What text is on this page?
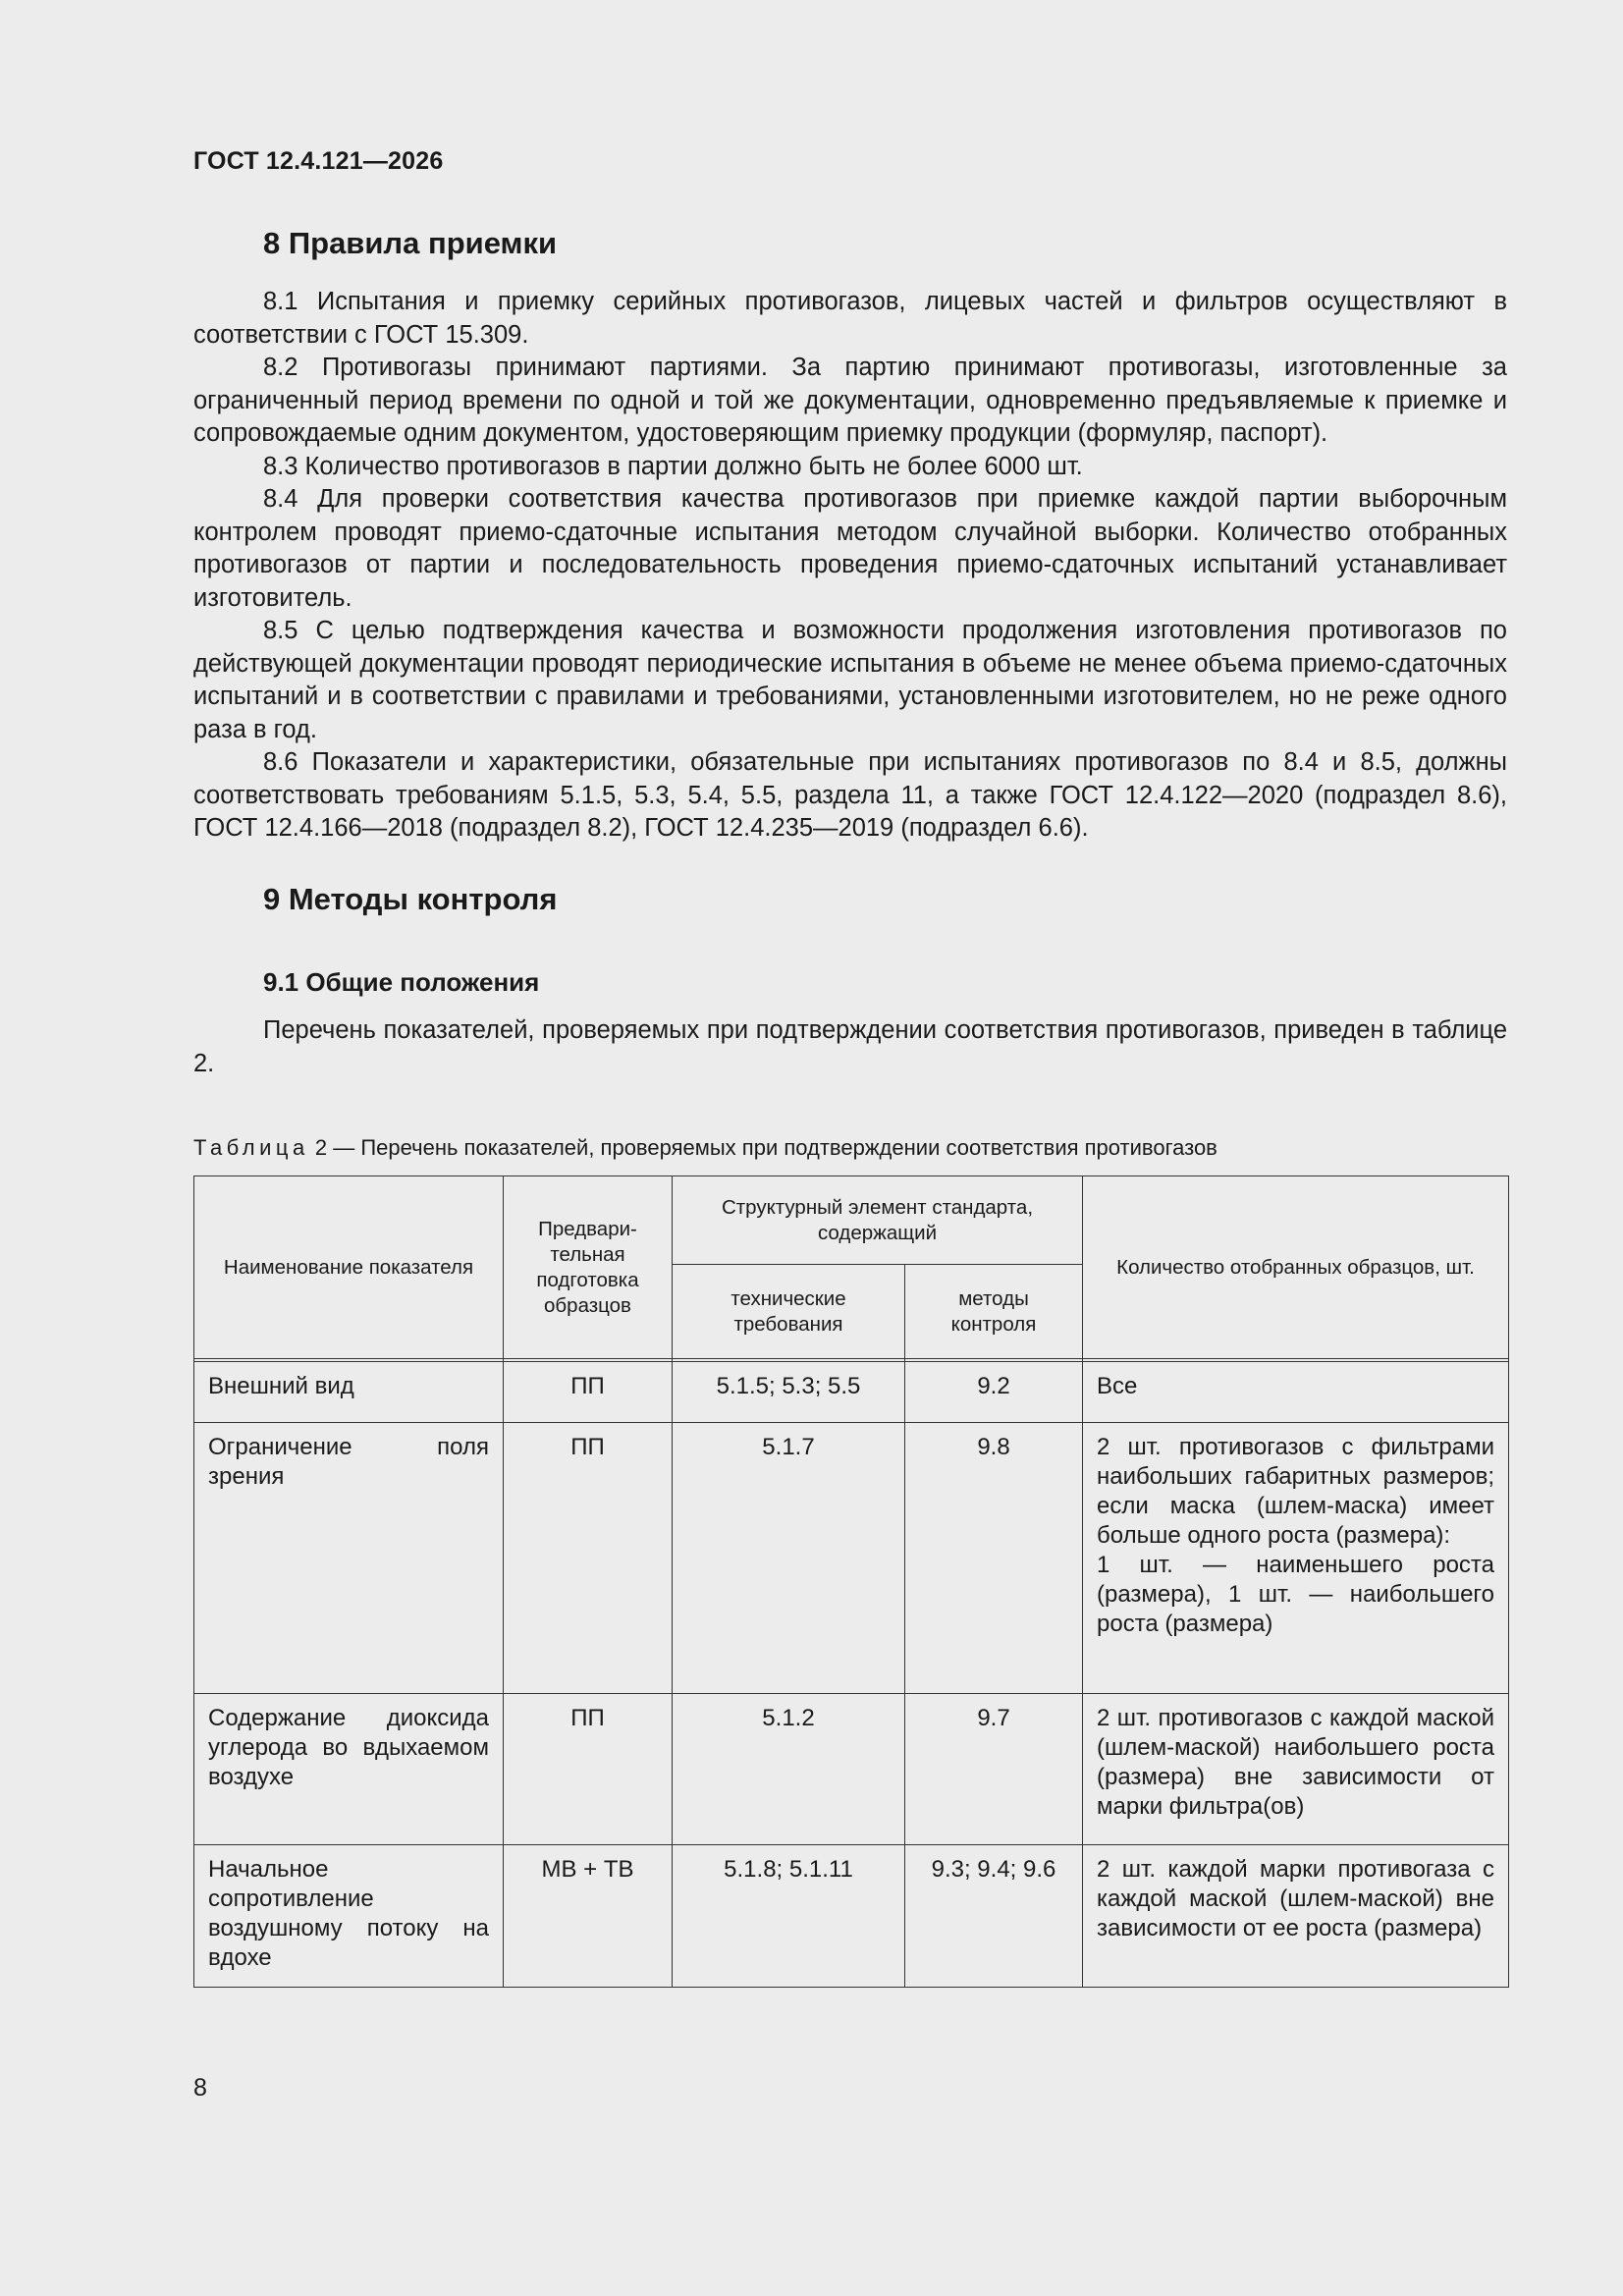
ГОСТ 12.4.121—2026
8 Правила приемки

8.1 Испытания и приемку серийных противогазов, лицевых частей и фильтров осуществляют в соответствии с ГОСТ 15.309.

8.2 Противогазы принимают партиями. За партию принимают противогазы, изготовленные за ограниченный период времени по одной и той же документации, одновременно предъявляемые к приемке и сопровождаемые одним документом, удостоверяющим приемку продукции (формуляр, паспорт).

8.3 Количество противогазов в партии должно быть не более 6000 шт.

8.4 Для проверки соответствия качества противогазов при приемке каждой партии выборочным контролем проводят приемо-сдаточные испытания методом случайной выборки. Количество отобранных противогазов от партии и последовательность проведения приемо-сдаточных испытаний устанавливает изготовитель.

8.5 С целью подтверждения качества и возможности продолжения изготовления противогазов по действующей документации проводят периодические испытания в объеме не менее объема приемо-сдаточных испытаний и в соответствии с правилами и требованиями, установленными изготовителем, но не реже одного раза в год.

8.6 Показатели и характеристики, обязательные при испытаниях противогазов по 8.4 и 8.5, должны соответствовать требованиям 5.1.5, 5.3, 5.4, 5.5, раздела 11, а также ГОСТ 12.4.122—2020 (подраздел 8.6), ГОСТ 12.4.166—2018 (подраздел 8.2), ГОСТ 12.4.235—2019 (подраздел 6.6).

9 Методы контроля
9.1 Общие положения

Перечень показателей, проверяемых при подтверждении соответствия противогазов, приведен в таблице 2.

Таблица 2 — Перечень показателей, проверяемых при подтверждении соответствия противогазов
Наименование показателя	Предвари-
тельная
подготовка
образцов	Структурный элемент стандарта,
содержащий		Количество отобранных образцов, шт.
		технические
требования	методы
контроля	

Внешний вид	ПП	5.1.5; 5.3; 5.5	9.2	Все
Ограничение поля зрения	ПП	5.1.7	9.8	2 шт. противогазов с фильтрами наибольших габаритных размеров; если маска (шлем-маска) имеет больше одного роста (размера):
1 шт. — наименьшего роста (размера), 1 шт. — наибольшего роста (размера)
Содержание диоксида углерода во вдыхаемом воздухе	ПП	5.1.2	9.7	2 шт. противогазов с каждой маской (шлем-маской) наибольшего роста (размера) вне зависимости от марки фильтра(ов)
Начальное сопротивление воздушному потоку на вдохе	МВ + ТВ	5.1.8; 5.1.11	9.3; 9.4; 9.6	2 шт. каждой марки противогаза с каждой маской (шлем-маской) вне зависимости от ее роста (размера)
8
